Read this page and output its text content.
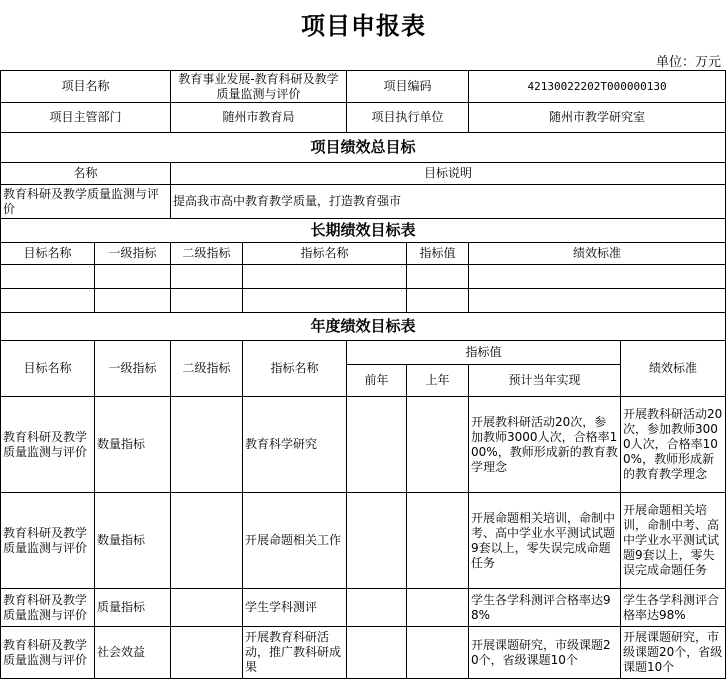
项目申报表
单位：万元
项目名称		教育事业发展-教育科研及教学质量监测与评价		项目编码		42130022202T000000130	
项目主管部门		随州市教育局		项目执行单位		随州市教学研究室	
项目绩效总目标							
名称		目标说明					
教育科研及教学质量监测与评价		提高我市高中教育教学质量，打造教育强市					
长期绩效目标表							
目标名称	一级指标	二级指标	指标名称		指标值	绩效标准	

年度绩效目标表							
目标名称	一级指标	二级指标	指标名称	指标值			绩效标准
				前年	上年	预计当年实现	
教育科研及教学质量监测与评价	数量指标		教育科学研究			开展教科研活动20次，参加教师3000人次，合格率100%，教师形成新的教育教学理念	开展教科研活动20次，参加教师3000人次，合格率100%，教师形成新的教育教学理念
教育科研及教学质量监测与评价	数量指标		开展命题相关工作			开展命题相关培训，命制中考、高中学业水平测试试题9套以上，零失误完成命题任务	开展命题相关培训，命制中考、高中学业水平测试试题9套以上，零失误完成命题任务
教育科研及教学质量监测与评价	质量指标		学生学科测评			学生各学科测评合格率达98%	学生各学科测评合格率达98%
教育科研及教学质量监测与评价	社会效益		开展教育科研活动，推广教科研成果			开展课题研究，市级课题20个，省级课题10个	开展课题研究，市级课题20个，省级课题10个
